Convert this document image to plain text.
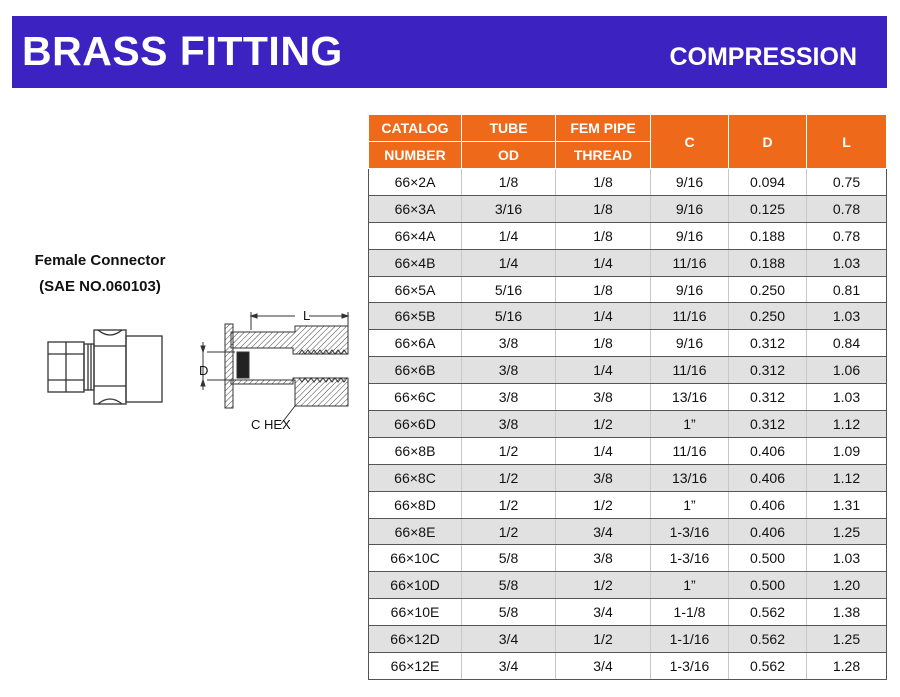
BRASS FITTING	COMPRESSION
Female Connector
(SAE NO.060103)
L
D
C HEX
CATALOG	TUBE	FEM PIPE	C	D	L
NUMBER	OD	THREAD			
66×2A	1/8	1/8	9/16	0.094	0.75
66×3A	3/16	1/8	9/16	0.125	0.78
66×4A	1/4	1/8	9/16	0.188	0.78
66×4B	1/4	1/4	11/16	0.188	1.03
66×5A	5/16	1/8	9/16	0.250	0.81
66×5B	5/16	1/4	11/16	0.250	1.03
66×6A	3/8	1/8	9/16	0.312	0.84
66×6B	3/8	1/4	11/16	0.312	1.06
66×6C	3/8	3/8	13/16	0.312	1.03
66×6D	3/8	1/2	1”	0.312	1.12
66×8B	1/2	1/4	11/16	0.406	1.09
66×8C	1/2	3/8	13/16	0.406	1.12
66×8D	1/2	1/2	1”	0.406	1.31
66×8E	1/2	3/4	1-3/16	0.406	1.25
66×10C	5/8	3/8	1-3/16	0.500	1.03
66×10D	5/8	1/2	1”	0.500	1.20
66×10E	5/8	3/4	1-1/8	0.562	1.38
66×12D	3/4	1/2	1-1/16	0.562	1.25
66×12E	3/4	3/4	1-3/16	0.562	1.28
